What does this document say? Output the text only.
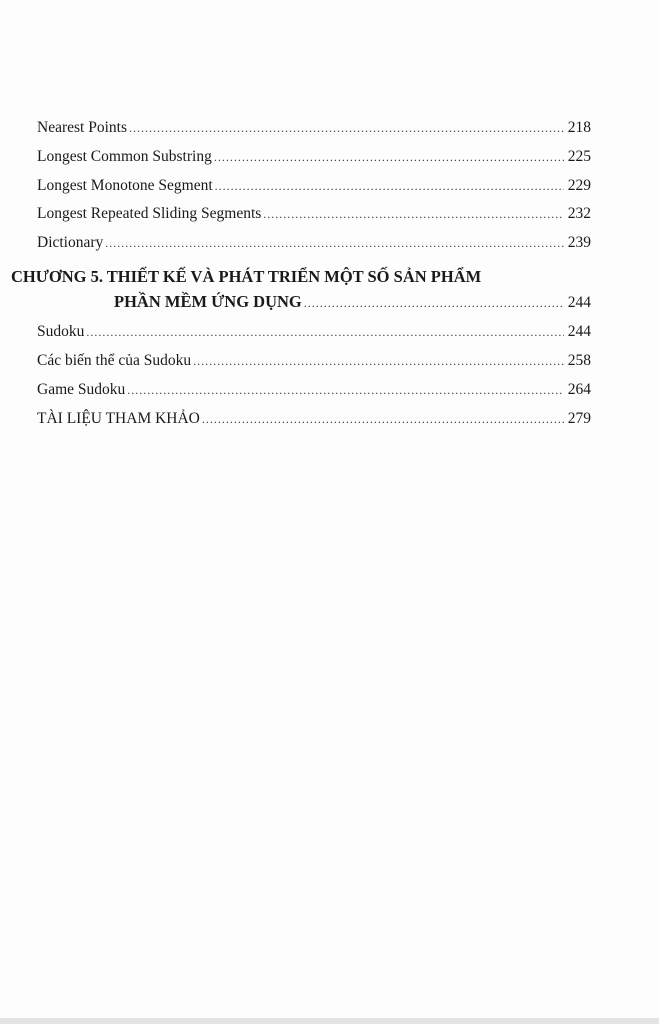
Nearest Points .....	218
Longest Common Substring .....	225
Longest Monotone Segment .....	229
Longest Repeated Sliding Segments .....	232
Dictionary .....	239
CHƯƠNG 5. THIẾT KẾ VÀ PHÁT TRIỂN MỘT SỐ SẢN PHẨM
PHẦN MỀM ỨNG DỤNG .....	244
Sudoku .....	244
Các biến thể của Sudoku .....	258
Game Sudoku .....	264
TÀI LIỆU THAM KHẢO .....	279
